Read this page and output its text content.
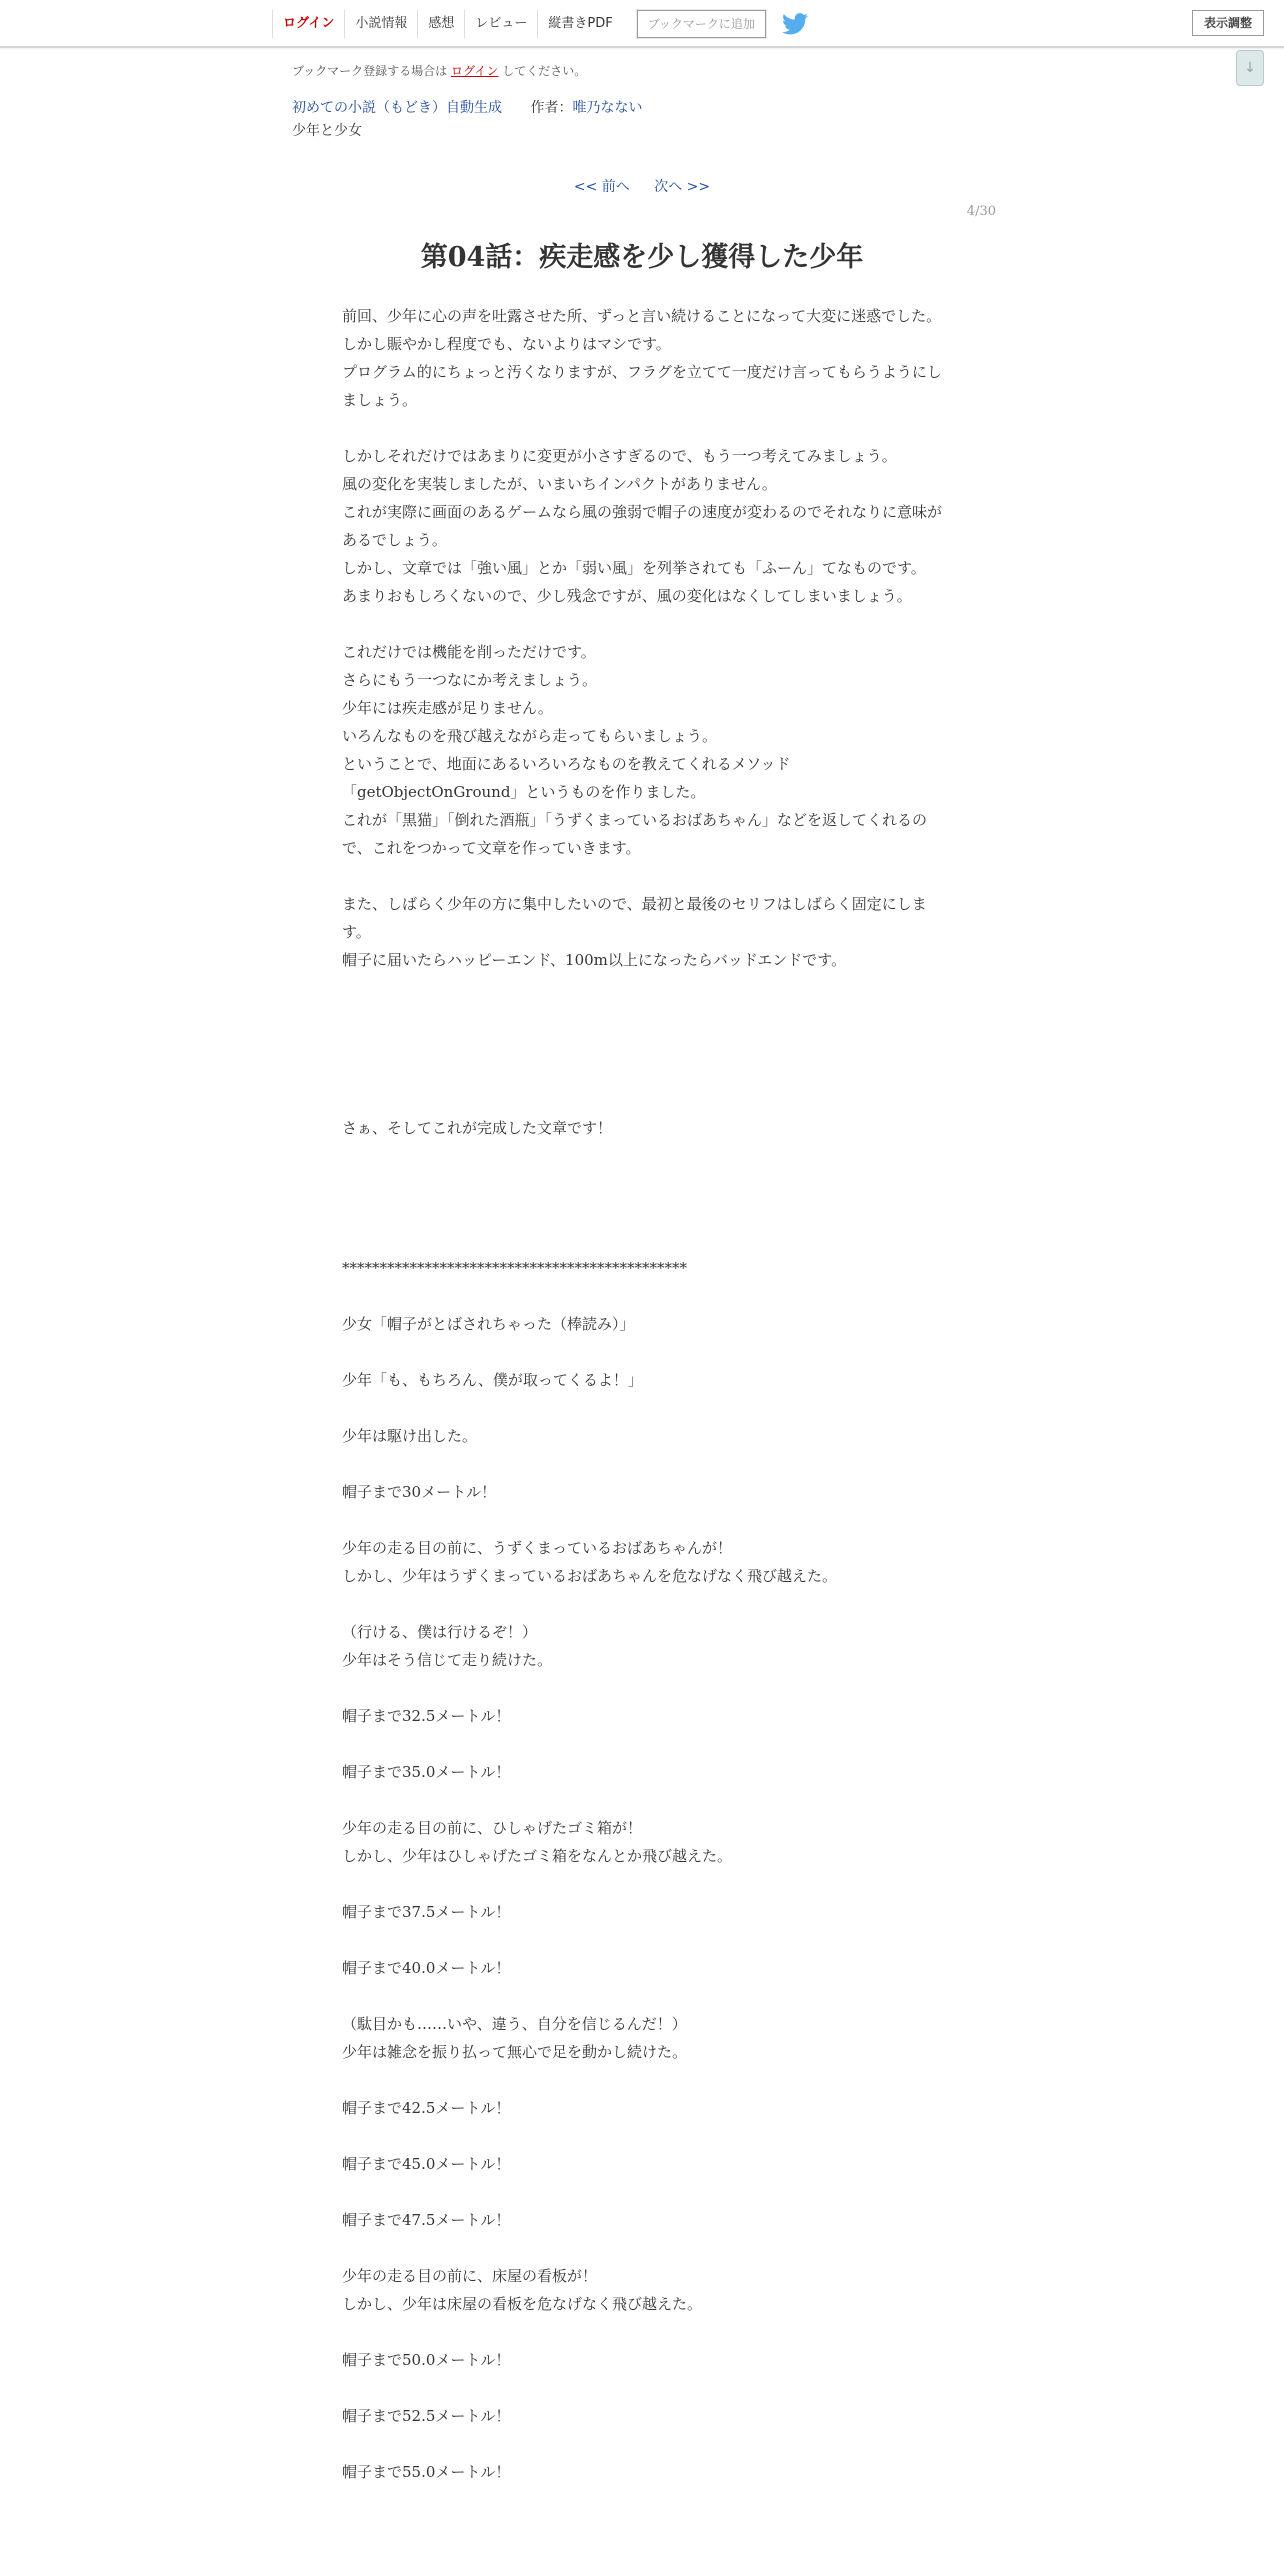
ログイン	小説情報	感想	レビュー	縦書きPDF	ブックマークに追加	表示調整
↓
ブックマーク登録する場合は ログイン してください。
初めての小説（もどき）自動生成 作者：唯乃なない
少年と少女
<< 前へ 次へ >>
4/30
第04話：疾走感を少し獲得した少年

前回、少年に心の声を吐露させた所、ずっと言い続けることになって大変に迷惑でした。

しかし賑やかし程度でも、ないよりはマシです。

プログラム的にちょっと汚くなりますが、フラグを立てて一度だけ言ってもらうようにしましょう。

しかしそれだけではあまりに変更が小さすぎるので、もう一つ考えてみましょう。

風の変化を実装しましたが、いまいちインパクトがありません。

これが実際に画面のあるゲームなら風の強弱で帽子の速度が変わるのでそれなりに意味があるでしょう。

しかし、文章では「強い風」とか「弱い風」を列挙されても「ふーん」てなものです。

あまりおもしろくないので、少し残念ですが、風の変化はなくしてしまいましょう。

これだけでは機能を削っただけです。

さらにもう一つなにか考えましょう。

少年には疾走感が足りません。

いろんなものを飛び越えながら走ってもらいましょう。

ということで、地面にあるいろいろなものを教えてくれるメソッド「getObjectOnGround」というものを作りました。

これが「黒猫」「倒れた酒瓶」「うずくまっているおばあちゃん」などを返してくれるので、これをつかって文章を作っていきます。

また、しばらく少年の方に集中したいので、最初と最後のセリフはしばらく固定にします。

帽子に届いたらハッピーエンド、100m以上になったらバッドエンドです。

さぁ、そしてこれが完成した文章です！

**********************************************

少女「帽子がとばされちゃった（棒読み）」

少年「も、もちろん、僕が取ってくるよ！」

少年は駆け出した。

帽子まで30メートル！

少年の走る目の前に、うずくまっているおばあちゃんが！

しかし、少年はうずくまっているおばあちゃんを危なげなく飛び越えた。

（行ける、僕は行けるぞ！）

少年はそう信じて走り続けた。

帽子まで32.5メートル！

帽子まで35.0メートル！

少年の走る目の前に、ひしゃげたゴミ箱が！

しかし、少年はひしゃげたゴミ箱をなんとか飛び越えた。

帽子まで37.5メートル！

帽子まで40.0メートル！

（駄目かも……いや、違う、自分を信じるんだ！）

少年は雑念を振り払って無心で足を動かし続けた。

帽子まで42.5メートル！

帽子まで45.0メートル！

帽子まで47.5メートル！

少年の走る目の前に、床屋の看板が！

しかし、少年は床屋の看板を危なげなく飛び越えた。

帽子まで50.0メートル！

帽子まで52.5メートル！

帽子まで55.0メートル！
